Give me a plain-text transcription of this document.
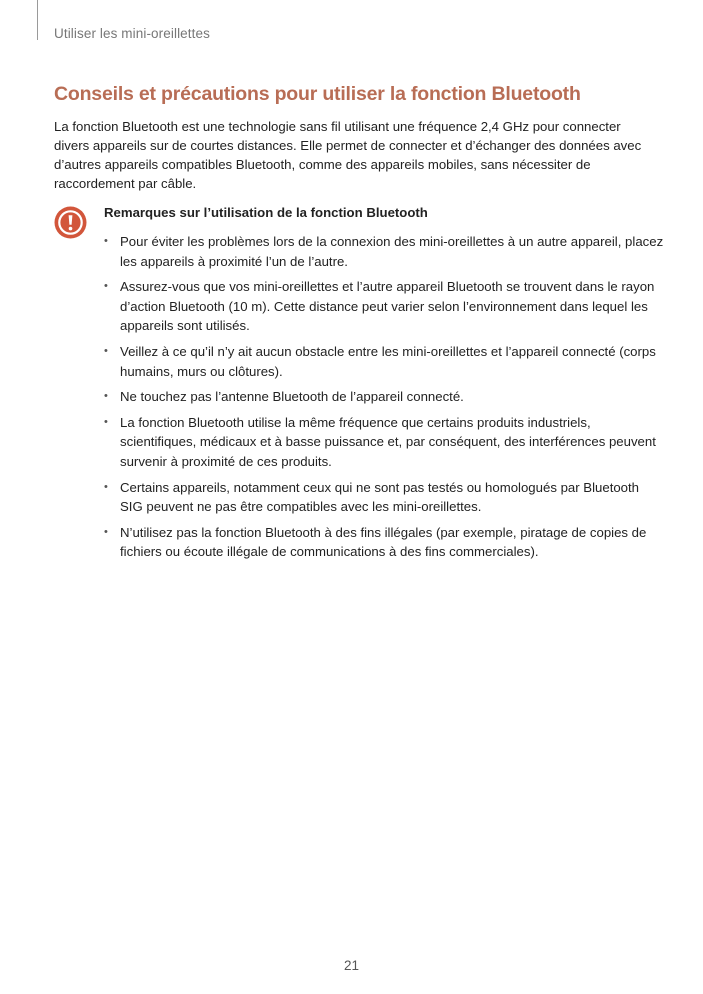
Utiliser les mini-oreillettes
Conseils et précautions pour utiliser la fonction Bluetooth

La fonction Bluetooth est une technologie sans fil utilisant une fréquence 2,4 GHz pour connecter divers appareils sur de courtes distances. Elle permet de connecter et d’échanger des données avec d’autres appareils compatibles Bluetooth, comme des appareils mobiles, sans nécessiter de raccordement par câble.

Remarques sur l’utilisation de la fonction Bluetooth
• Pour éviter les problèmes lors de la connexion des mini-oreillettes à un autre appareil, placez les appareils à proximité l’un de l’autre.
• Assurez-vous que vos mini-oreillettes et l’autre appareil Bluetooth se trouvent dans le rayon d’action Bluetooth (10 m). Cette distance peut varier selon l’environnement dans lequel les appareils sont utilisés.
• Veillez à ce qu’il n’y ait aucun obstacle entre les mini-oreillettes et l’appareil connecté (corps humains, murs ou clôtures).
• Ne touchez pas l’antenne Bluetooth de l’appareil connecté.
• La fonction Bluetooth utilise la même fréquence que certains produits industriels, scientifiques, médicaux et à basse puissance et, par conséquent, des interférences peuvent survenir à proximité de ces produits.
• Certains appareils, notamment ceux qui ne sont pas testés ou homologués par Bluetooth SIG peuvent ne pas être compatibles avec les mini-oreillettes.
• N’utilisez pas la fonction Bluetooth à des fins illégales (par exemple, piratage de copies de fichiers ou écoute illégale de communications à des fins commerciales).
21
